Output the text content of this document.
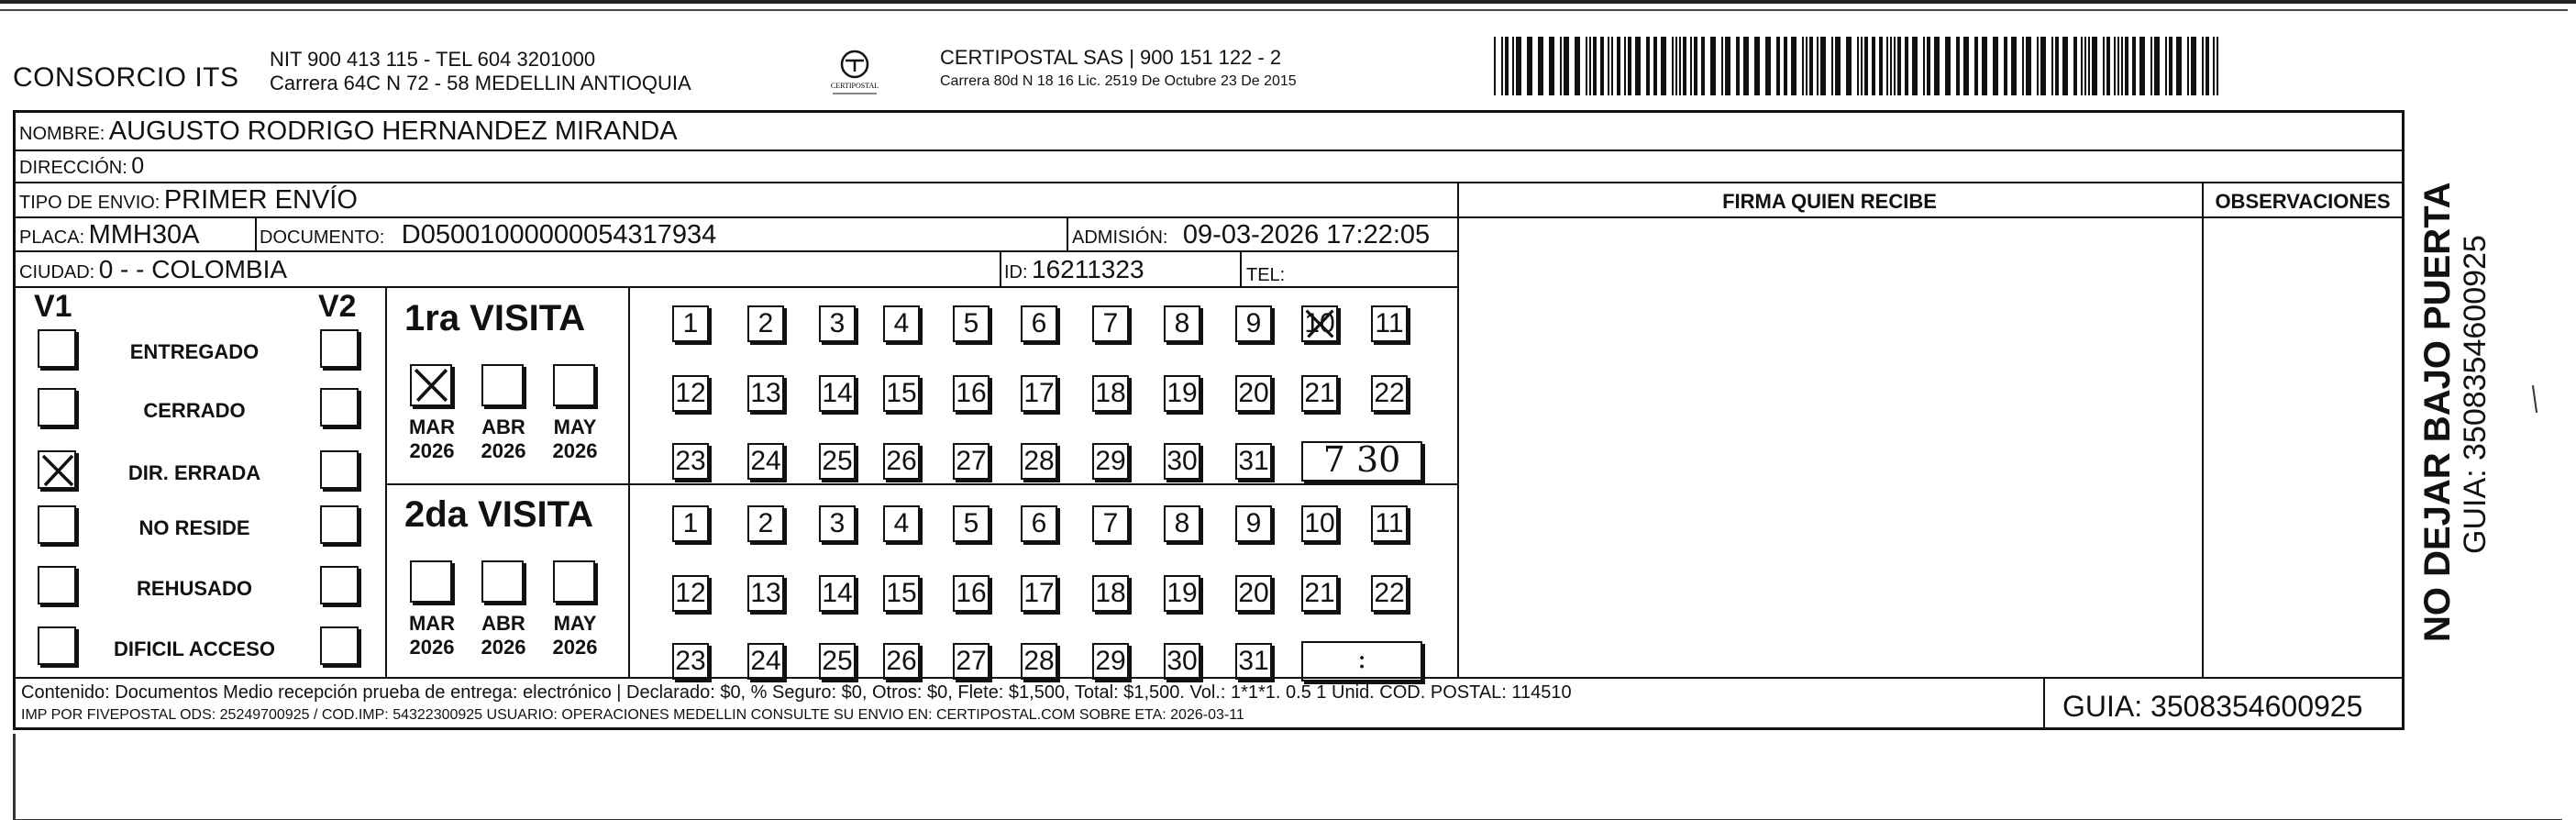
CONSORCIO ITS
NIT 900 413 115 - TEL 604 3201000
Carrera 64C N 72 - 58 MEDELLIN ANTIOQUIA	CERTIPOSTAL
CERTIPOSTAL SAS | 900 151 122 - 2
Carrera 80d N 18 16 Lic. 2519 De Octubre 23 De 2015
NOMBRE: AUGUSTO RODRIGO HERNANDEZ MIRANDA
DIRECCIÓN: 0
TIPO DE ENVIO: PRIMER ENVÍO	FIRMA QUIEN RECIBE	OBSERVACIONES
PLACA: MMH30A	DOCUMENTO: D05001000000054317934	ADMISIÓN: 09-03-2026 17:22:05
CIUDAD: 0 - - COLOMBIA	ID: 16211323	TEL:
V1	V2
ENTREGADO
CERRADO
DIR. ERRADA
NO RESIDE
REHUSADO
DIFICIL ACCESO
1ra VISITA
2da VISITA
MAR
2026
ABR
2026
MAY
2026
MAR
2026
ABR
2026
MAY
2026
1	2	3	4	5	6	7	8	9	10 11
12 13 14 15 16 17 18 19 20 21 22
23 24 25 26 27 28 29 30 31	7 30
1	2	3	4	5	6	7	8	9	10 11
12 13 14 15 16 17 18 19 20 21 22
23 24 25 26 27 28 29 30 31	:
Contenido: Documentos Medio recepción prueba de entrega: electrónico | Declarado: $0, % Seguro: $0, Otros: $0, Flete: $1,500, Total: $1,500. Vol.: 1*1*1. 0.5 1 Unid. COD. POSTAL: 114510
IMP POR FIVEPOSTAL ODS: 25249700925 / COD.IMP: 54322300925 USUARIO: OPERACIONES MEDELLIN CONSULTE SU ENVIO EN: CERTIPOSTAL.COM SOBRE ETA: 2026-03-11	GUIA: 3508354600925
NO DEJAR BAJO PUERTA GUIA: 3508354600925
